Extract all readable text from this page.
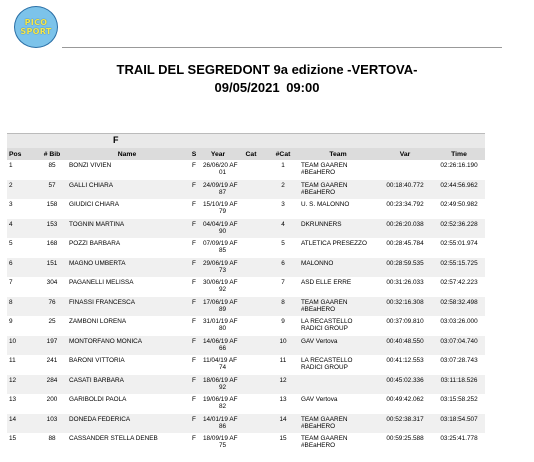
PICO
SPORT
TRAIL DEL SEGREDONT 9a edizione -VERTOVA-
09/05/2021 09:00
F
Pos	# Bib	Name	S	Year	Cat	#Cat	Team	Var	Time
1	85	BONZI VIVIEN	F	26/06/20 AF
01		1	TEAM GAAREN
#BEaHERO		02:26:16.190
2	57	GALLI CHIARA	F	24/09/19 AF
87		2	TEAM GAAREN
#BEaHERO	00:18:40.772	02:44:56.962
3	158	GIUDICI CHIARA	F	15/10/19 AF
79		3	U. S. MALONNO	00:23:34.792	02:49:50.982
4	153	TOGNIN MARTINA	F	04/04/19 AF
90		4	DKRUNNERS	00:26:20.038	02:52:36.228
5	168	POZZI BARBARA	F	07/09/19 AF
85		5	ATLETICA PRESEZZO	00:28:45.784	02:55:01.974
6	151	MAGNO UMBERTA	F	29/06/19 AF
73		6	MALONNO	00:28:59.535	02:55:15.725
7	304	PAGANELLI MELISSA	F	30/06/19 AF
92		7	ASD ELLE ERRE	00:31:26.033	02:57:42.223
8	76	FINASSI FRANCESCA	F	17/06/19 AF
89		8	TEAM GAAREN
#BEaHERO	00:32:16.308	02:58:32.498
9	25	ZAMBONI LORENA	F	31/01/19 AF
80		9	LA RECASTELLO
RADICI GROUP	00:37:09.810	03:03:26.000
10	197	MONTORFANO MONICA	F	14/06/19 AF
66		10	GAV Vertova	00:40:48.550	03:07:04.740
11	241	BARONI VITTORIA	F	11/04/19 AF
74		11	LA RECASTELLO
RADICI GROUP	00:41:12.553	03:07:28.743
12	284	CASATI BARBARA	F	18/06/19 AF
92		12		00:45:02.336	03:11:18.526
13	200	GARIBOLDI PAOLA	F	19/06/19 AF
82		13	GAV Vertova	00:49:42.062	03:15:58.252
14	103	DONEDA FEDERICA	F	14/01/19 AF
86		14	TEAM GAAREN
#BEaHERO	00:52:38.317	03:18:54.507
15	88	CASSANDER STELLA DENEB	F	18/09/19 AF
75		15	TEAM GAAREN
#BEaHERO	00:59:25.588	03:25:41.778
